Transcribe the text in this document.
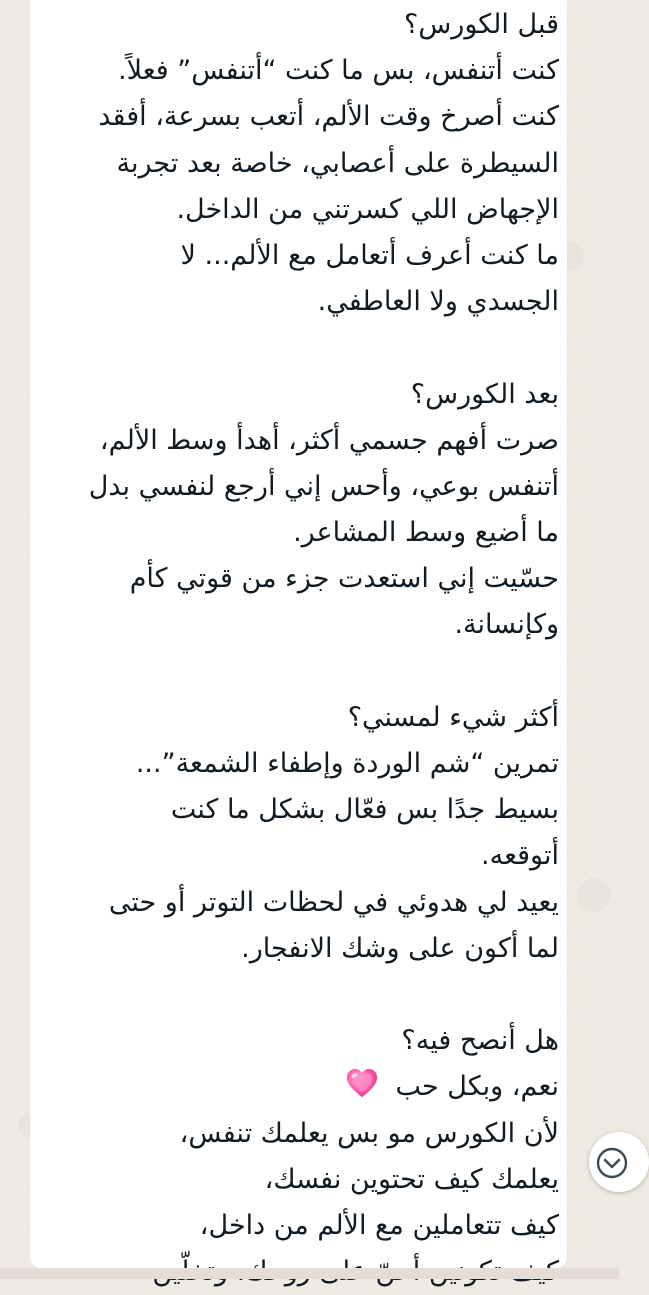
قبل الكورس؟
كنت أتنفس، بس ما كنت “أتنفس” فعلاً.
كنت أصرخ وقت الألم، أتعب بسرعة، أفقد
السيطرة على أعصابي، خاصة بعد تجربة
الإجهاض اللي كسرتني من الداخل.
ما كنت أعرف أتعامل مع الألم... لا
الجسدي ولا العاطفي.
بعد الكورس؟
صرت أفهم جسمي أكثر، أهدأ وسط الألم،
أتنفس بوعي، وأحس إني أرجع لنفسي بدل
ما أضيع وسط المشاعر.
حسّيت إني استعدت جزء من قوتي كأم
وكإنسانة.
أكثر شيء لمسني؟
تمرين “شم الوردة وإطفاء الشمعة”...
بسيط جدًا بس فعّال بشكل ما كنت
أتوقعه.
يعيد لي هدوئي في لحظات التوتر أو حتى
لما أكون على وشك الانفجار.
هل أنصح فيه؟
نعم، وبكل حب
لأن الكورس مو بس يعلمك تنفس،
يعلمك كيف تحتوين نفسك،
كيف تتعاملين مع الألم من داخل،
